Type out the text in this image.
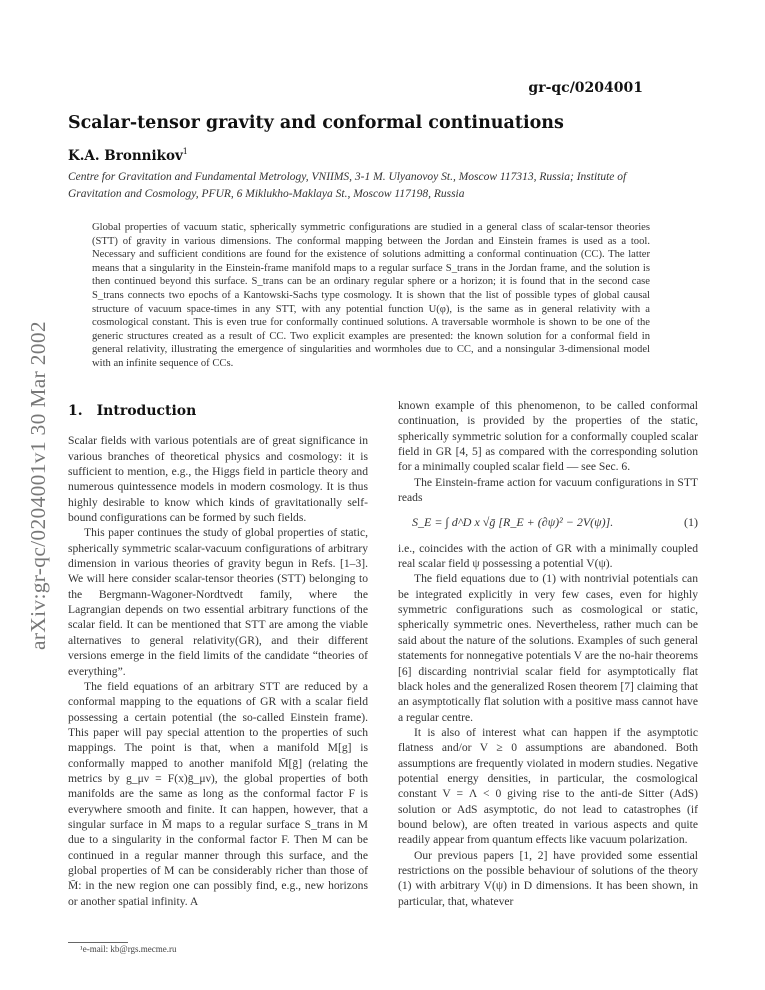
arXiv:gr-qc/0204001v1 30 Mar 2002
gr-qc/0204001
Scalar-tensor gravity and conformal continuations
K.A. Bronnikov$^1$
Centre for Gravitation and Fundamental Metrology, VNIIMS, 3-1 M. Ulyanovoy St., Moscow 117313, Russia; Institute of Gravitation and Cosmology, PFUR, 6 Miklukho-Maklaya St., Moscow 117198, Russia
Global properties of vacuum static, spherically symmetric configurations are studied in a general class of scalar-tensor theories (STT) of gravity in various dimensions. The conformal mapping between the Jordan and Einstein frames is used as a tool. Necessary and sufficient conditions are found for the existence of solutions admitting a conformal continuation (CC). The latter means that a singularity in the Einstein-frame manifold maps to a regular surface S_trans in the Jordan frame, and the solution is then continued beyond this surface. S_trans can be an ordinary regular sphere or a horizon; it is found that in the second case S_trans connects two epochs of a Kantowski-Sachs type cosmology. It is shown that the list of possible types of global causal structure of vacuum space-times in any STT, with any potential function U(φ), is the same as in general relativity with a cosmological constant. This is even true for conformally continued solutions. A traversable wormhole is shown to be one of the generic structures created as a result of CC. Two explicit examples are presented: the known solution for a conformal field in general relativity, illustrating the emergence of singularities and wormholes due to CC, and a nonsingular 3-dimensional model with an infinite sequence of CCs.
1. Introduction

Scalar fields with various potentials are of great significance in various branches of theoretical physics and cosmology: it is sufficient to mention, e.g., the Higgs field in particle theory and numerous quintessence models in modern cosmology. It is thus highly desirable to know which kinds of gravitationally self-bound configurations can be formed by such fields.

This paper continues the study of global properties of static, spherically symmetric scalar-vacuum configurations of arbitrary dimension in various theories of gravity begun in Refs. [1–3]. We will here consider scalar-tensor theories (STT) belonging to the Bergmann-Wagoner-Nordtvedt family, where the Lagrangian depends on two essential arbitrary functions of the scalar field. It can be mentioned that STT are among the viable alternatives to general relativity(GR), and their different versions emerge in the field limits of the candidate “theories of everything”.

The field equations of an arbitrary STT are reduced by a conformal mapping to the equations of GR with a scalar field possessing a certain potential (the so-called Einstein frame). This paper will pay special attention to the properties of such mappings. The point is that, when a manifold M[g] is conformally mapped to another manifold M̄[ḡ] (relating the metrics by g_μν = F(x)ḡ_μν), the global properties of both manifolds are the same as long as the conformal factor F is everywhere smooth and finite. It can happen, however, that a singular surface in M̄ maps to a regular surface S_trans in M due to a singularity in the conformal factor F. Then M can be continued in a regular manner through this surface, and the global properties of M can be considerably richer than those of M̄: in the new region one can possibly find, e.g., new horizons or another spatial infinity. A

known example of this phenomenon, to be called conformal continuation, is provided by the properties of the static, spherically symmetric solution for a conformally coupled scalar field in GR [4, 5] as compared with the corresponding solution for a minimally coupled scalar field — see Sec. 6.

The Einstein-frame action for vacuum configurations in STT reads

S_E = ∫ d^D x √ḡ [R_E + (∂ψ)² − 2V(ψ)].	(1)

i.e., coincides with the action of GR with a minimally coupled real scalar field ψ possessing a potential V(ψ).

The field equations due to (1) with nontrivial potentials can be integrated explicitly in very few cases, even for highly symmetric configurations such as cosmological or static, spherically symmetric ones. Nevertheless, rather much can be said about the nature of the solutions. Examples of such general statements for nonnegative potentials V are the no-hair theorems [6] discarding nontrivial scalar field for asymptotically flat black holes and the generalized Rosen theorem [7] claiming that an asymptotically flat solution with a positive mass cannot have a regular centre.

It is also of interest what can happen if the asymptotic flatness and/or V ≥ 0 assumptions are abandoned. Both assumptions are frequently violated in modern studies. Negative potential energy densities, in particular, the cosmological constant V = Λ < 0 giving rise to the anti-de Sitter (AdS) solution or AdS asymptotic, do not lead to catastrophes (if bound below), are often treated in various aspects and quite readily appear from quantum effects like vacuum polarization.

Our previous papers [1, 2] have provided some essential restrictions on the possible behaviour of solutions of the theory (1) with arbitrary V(ψ) in D dimensions. It has been shown, in particular, that, whatever

¹e-mail: kb@rgs.mecme.ru
